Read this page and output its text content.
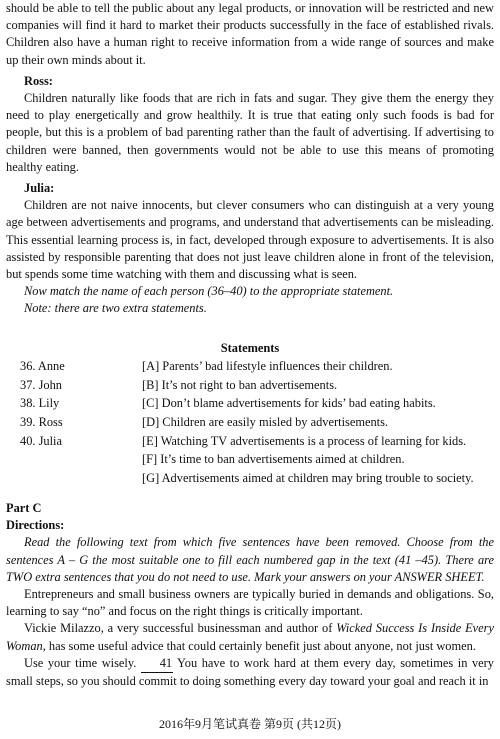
should be able to tell the public about any legal products, or innovation will be restricted and new companies will find it hard to market their products successfully in the face of established rivals. Children also have a human right to receive information from a wide range of sources and make up their own minds about it.

Ross:

Children naturally like foods that are rich in fats and sugar. They give them the energy they need to play energetically and grow healthily. It is true that eating only such foods is bad for people, but this is a problem of bad parenting rather than the fault of advertising. If advertising to children were banned, then governments would not be able to use this means of promoting healthy eating.

Julia:

Children are not naive innocents, but clever consumers who can distinguish at a very young age between advertisements and programs, and understand that advertisements can be misleading. This essential learning process is, in fact, developed through exposure to advertisements. It is also assisted by responsible parenting that does not just leave children alone in front of the television, but spends some time watching with them and discussing what is seen.

Now match the name of each person (36–40) to the appropriate statement.

Note: there are two extra statements.

Statements

36. Anne	[A] Parents’ bad lifestyle influences their children.
37. John	[B] It’s not right to ban advertisements.
38. Lily	[C] Don’t blame advertisements for kids’ bad eating habits.
39. Ross	[D] Children are easily misled by advertisements.
40. Julia	[E] Watching TV advertisements is a process of learning for kids.
[F] It’s time to ban advertisements aimed at children.
[G] Advertisements aimed at children may bring trouble to society.

Part C

Directions:

Read the following text from which five sentences have been removed. Choose from the sentences A – G the most suitable one to fill each numbered gap in the text (41 –45). There are TWO extra sentences that you do not need to use. Mark your answers on your ANSWER SHEET.

Entrepreneurs and small business owners are typically buried in demands and obligations. So, learning to say “no” and focus on the right things is critically important.

Vickie Milazzo, a very successful businessman and author of Wicked Success Is Inside Every Woman, has some useful advice that could certainly benefit just about anyone, not just women.

Use your time wisely. 41 You have to work hard at them every day, sometimes in very small steps, so you should commit to doing something every day toward your goal and reach it in

2016年9月笔试真卷 第9页 (共12页)
